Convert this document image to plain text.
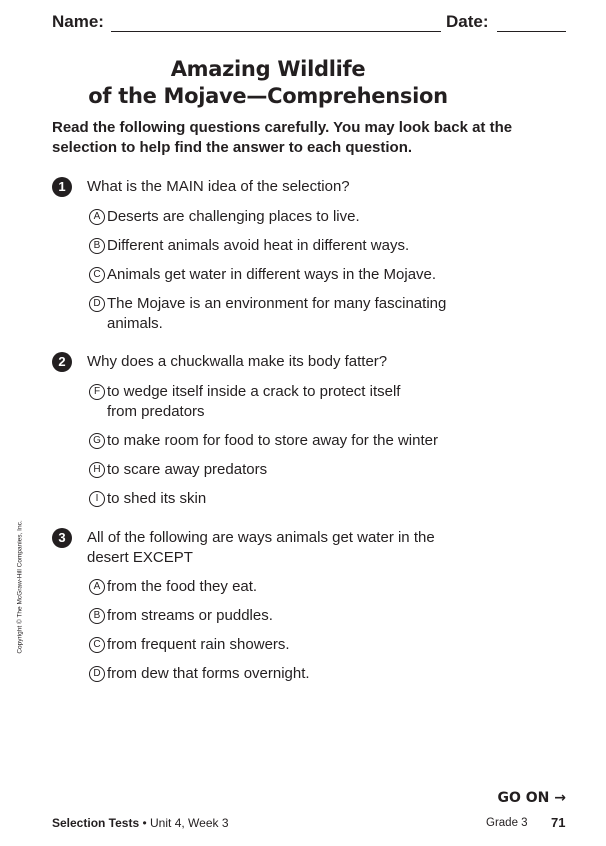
Name:	Date:
Amazing Wildlife
of the Mojave—Comprehension
Read the following questions carefully. You may look back at the selection to help find the answer to each question.
1	What is the MAIN idea of the selection?
A Deserts are challenging places to live.
B Different animals avoid heat in different ways.
C Animals get water in different ways in the Mojave.
D The Mojave is an environment for many fascinating animals.
2	Why does a chuckwalla make its body fatter?
F to wedge itself inside a crack to protect itself from predators
G to make room for food to store away for the winter
H to scare away predators
I to shed its skin
3	All of the following are ways animals get water in the desert EXCEPT
A from the food they eat.
B from streams or puddles.
C from frequent rain showers.
D from dew that forms overnight.
Copyright © The McGraw-Hill Companies, Inc.
GO ON →
Selection Tests • Unit 4, Week 3	Grade 3 71
